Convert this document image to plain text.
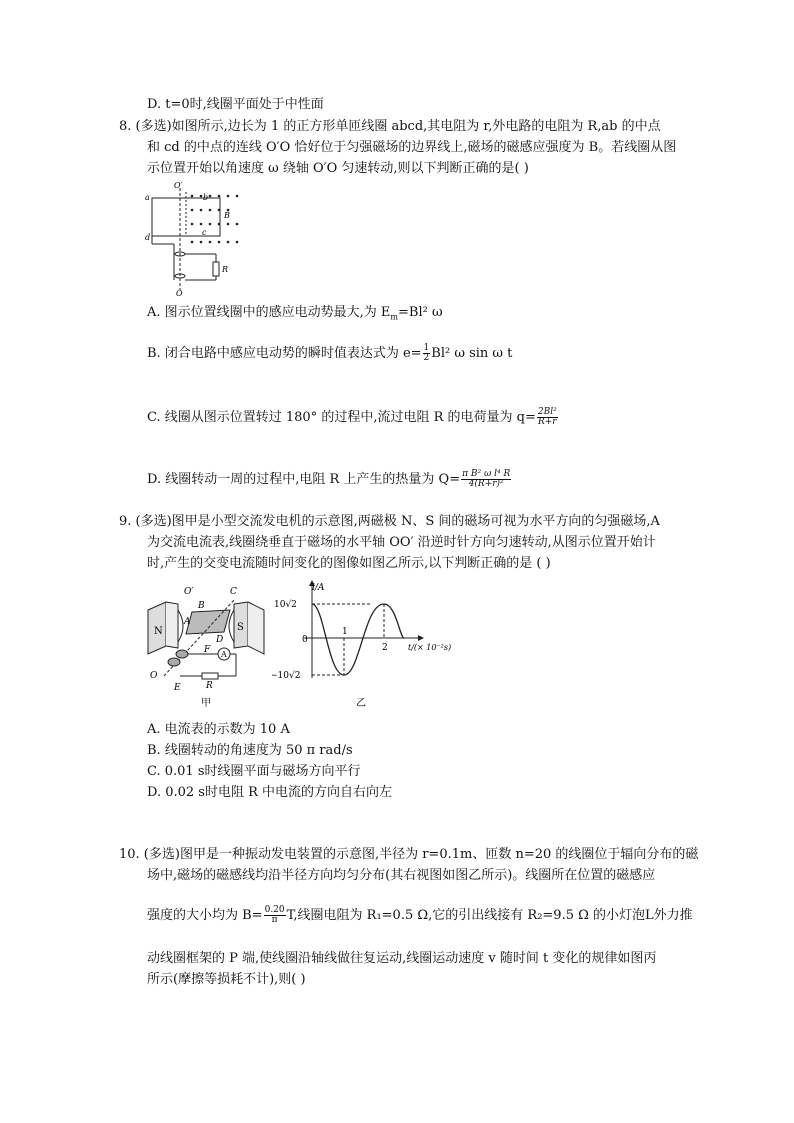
D. t=0时,线圈平面处于中性面
8. (多选)如图所示,边长为 1 的正方形单匝线圈 abcd,其电阻为 r,外电路的电阻为 R,ab 的中点
和 cd 的中点的连线 O′O 恰好位于匀强磁场的边界线上,磁场的磁感应强度为 B。若线圈从图
示位置开始以角速度 ω 绕轴 O′O 匀速转动,则以下判断正确的是( )
O′
a	b
c
d
B
R
O
A. 图示位置线圈中的感应电动势最大,为 $E_m=Bl^2$ ω
B. 闭合电路中感应电动势的瞬时值表达式为 $e= \frac{1}{2} Bl^2$ ω sin ω t
C. 线圈从图示位置转过 180° 的过程中,流过电阻 R 的电荷量为 $q= \frac{\text{2Bl²}}{R+r}$
D. 线圈转动一周的过程中,电阻 R 上产生的热量为 $Q= \frac{\text{π B² ω l⁴ R}}{\text{4(R+r)²}}$
9. (多选)图甲是小型交流发电机的示意图,两磁极 N、S 间的磁场可视为水平方向的匀强磁场,A
为交流电流表,线圈绕垂直于磁场的水平轴 OO′ 沿逆时针方向匀速转动,从图示位置开始计
时,产生的交变电流随时间变化的图像如图乙所示,以下判断正确的是 ( )
N	S
A
O′	C
B
A
D
F
O
E	R
甲
i/A
10√2
0
−10√2
1
2	t/(× 10⁻²s)
乙
A. 电流表的示数为 10 A
B. 线圈转动的角速度为 50 π rad/s
C. 0.01 s时线圈平面与磁场方向平行
D. 0.02 s时电阻 R 中电流的方向自右向左
10. (多选)图甲是一种振动发电装置的示意图,半径为 r=0.1m、匝数 n=20 的线圈位于辐向分布的磁
场中,磁场的磁感线均沿半径方向均匀分布(其右视图如图乙所示)。线圈所在位置的磁感应
强度的大小均为 $B= \frac{0.20}{\pi} T$,线圈电阻为 R₁=0.5 Ω,它的引出线接有 R₂=9.5 Ω 的小灯泡L外力推
动线圈框架的 P 端,使线圈沿轴线做往复运动,线圈运动速度 v 随时间 t 变化的规律如图丙
所示(摩擦等损耗不计),则( )
